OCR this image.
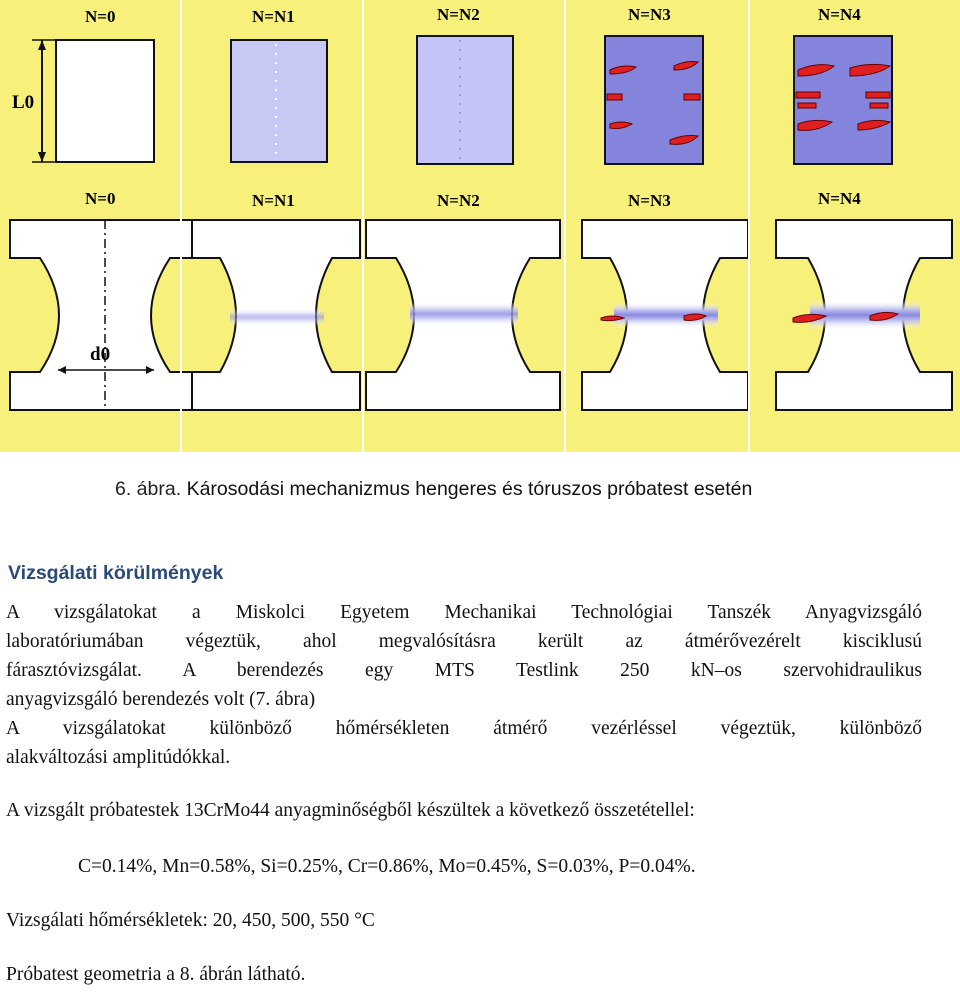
N=0	N=N1	N=N2	N=N3	N=N4
L0
N=0	N=N1	N=N2	N=N3	N=N4
d0
6. ábra. Károsodási mechanizmus hengeres és tóruszos próbatest esetén
Vizsgálati körülmények
A vizsgálatokat a Miskolci Egyetem Mechanikai Technológiai Tanszék Anyagvizsgáló
laboratóriumában végeztük, ahol megvalósításra került az átmérővezérelt kisciklusú
fárasztóvizsgálat. A berendezés egy MTS Testlink 250 kN–os szervohidraulikus
anyagvizsgáló berendezés volt (7. ábra)
A vizsgálatokat különböző hőmérsékleten átmérő vezérléssel végeztük, különböző
alakváltozási amplitúdókkal.
A vizsgált próbatestek 13CrMo44 anyagminőségből készültek a következő összetétellel:
C=0.14%, Mn=0.58%, Si=0.25%, Cr=0.86%, Mo=0.45%, S=0.03%, P=0.04%.
Vizsgálati hőmérsékletek: 20, 450, 500, 550 °C
Próbatest geometria a 8. ábrán látható.
